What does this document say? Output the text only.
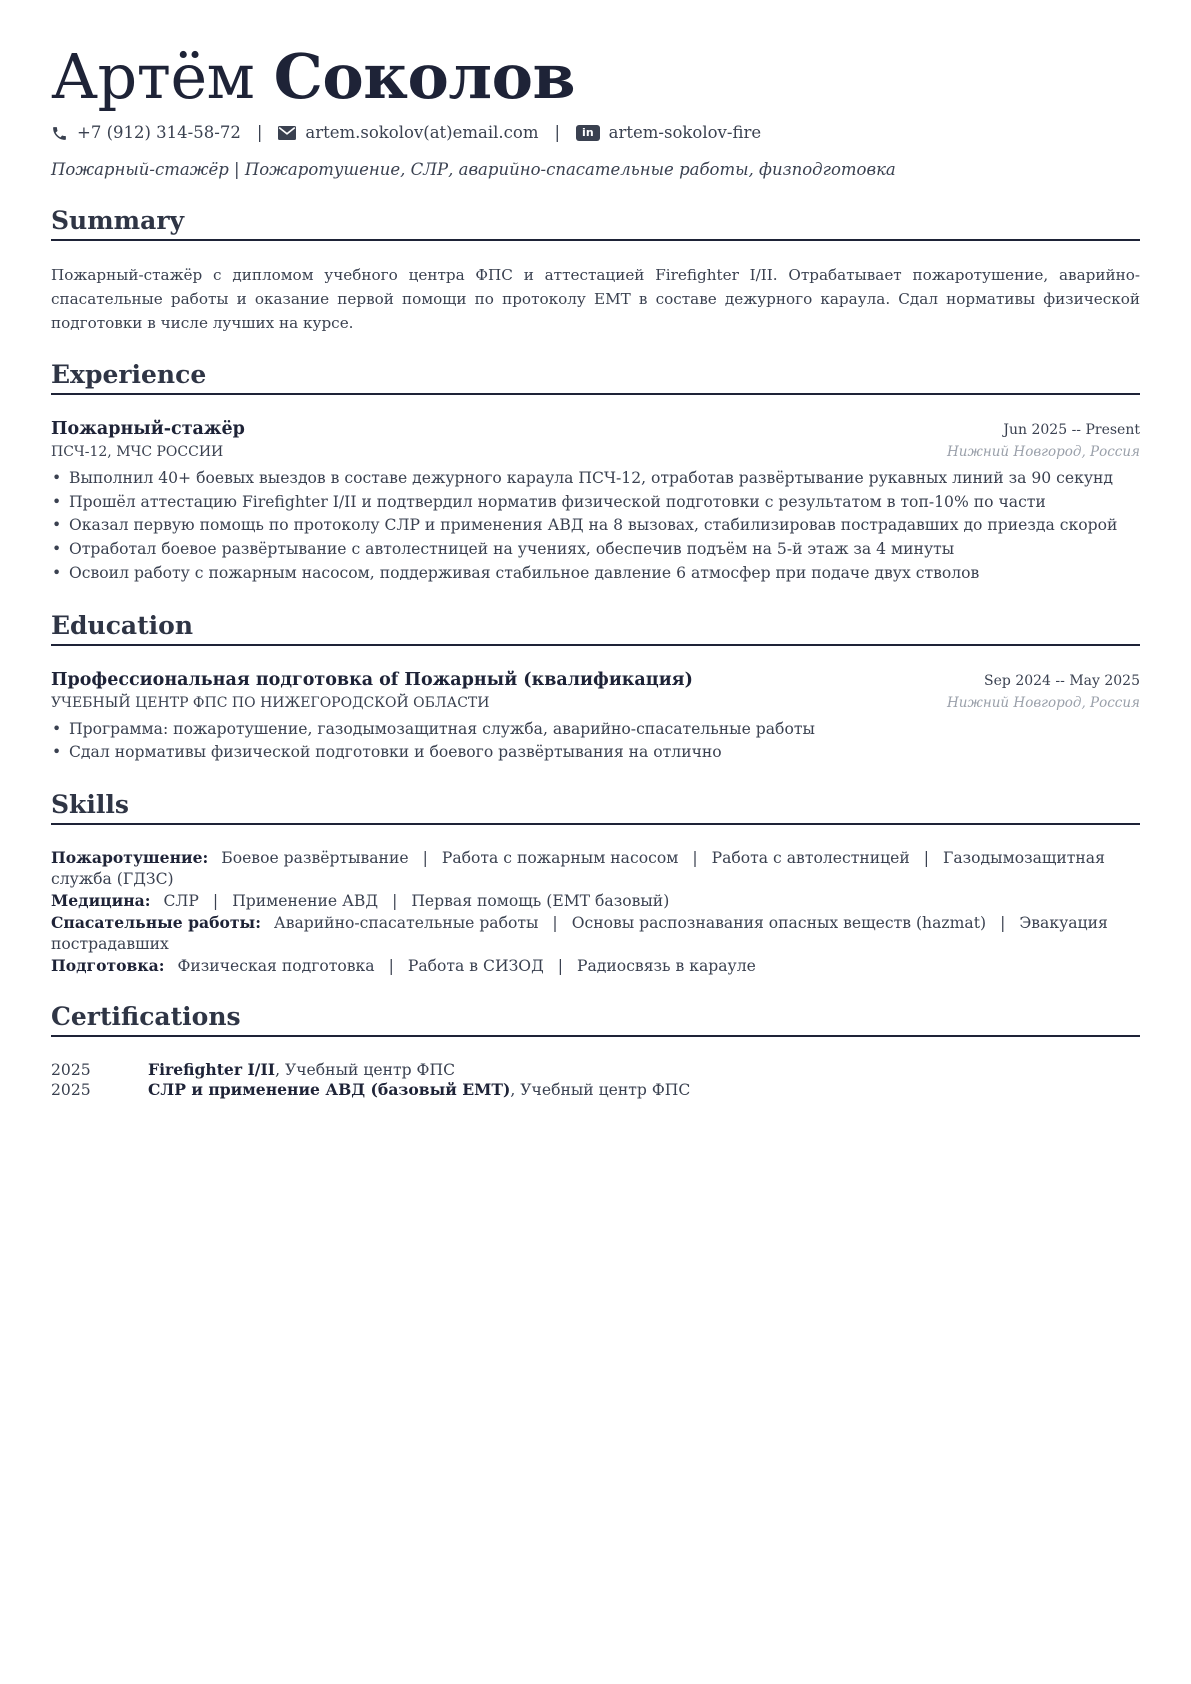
Артём Соколов
+7 (912) 314-58-72 |	artem.sokolov(at)email.com |	in artem-sokolov-fire
Пожарный-стажёр | Пожаротушение, СЛР, аварийно-спасательные работы, физподготовка
Summary
Пожарный-стажёр с дипломом учебного центра ФПС и аттестацией Firefighter I/II. Отрабатывает пожаротушение, аварийно-спасательные работы и оказание первой помощи по протоколу EMT в составе дежурного караула. Сдал нормативы физической подготовки в числе лучших на курсе.
Experience
Пожарный-стажёр	Jun 2025 -- Present
ПСЧ-12, МЧС РОССИИ	Нижний Новгород, Россия
• Выполнил 40+ боевых выездов в составе дежурного караула ПСЧ-12, отработав развёртывание рукавных линий за 90 секунд
• Прошёл аттестацию Firefighter I/II и подтвердил норматив физической подготовки с результатом в топ-10% по части
• Оказал первую помощь по протоколу СЛР и применения АВД на 8 вызовах, стабилизировав пострадавших до приезда скорой
• Отработал боевое развёртывание с автолестницей на учениях, обеспечив подъём на 5-й этаж за 4 минуты
• Освоил работу с пожарным насосом, поддерживая стабильное давление 6 атмосфер при подаче двух стволов
Education
Профессиональная подготовка of Пожарный (квалификация)	Sep 2024 -- May 2025
УЧЕБНЫЙ ЦЕНТР ФПС ПО НИЖЕГОРОДСКОЙ ОБЛАСТИ	Нижний Новгород, Россия
• Программа: пожаротушение, газодымозащитная служба, аварийно-спасательные работы
• Сдал нормативы физической подготовки и боевого развёртывания на отлично
Skills

Пожаротушение: Боевое развёртывание | Работа с пожарным насосом | Работа с автолестницей | Газодымозащитная служба (ГДЗС)

Медицина: СЛР | Применение АВД | Первая помощь (EMT базовый)

Спасательные работы: Аварийно-спасательные работы | Основы распознавания опасных веществ (hazmat) | Эвакуация пострадавших

Подготовка: Физическая подготовка | Работа в СИЗОД | Радиосвязь в карауле

Certifications
2025	Firefighter I/II, Учебный центр ФПС
2025	СЛР и применение АВД (базовый EMT), Учебный центр ФПС
